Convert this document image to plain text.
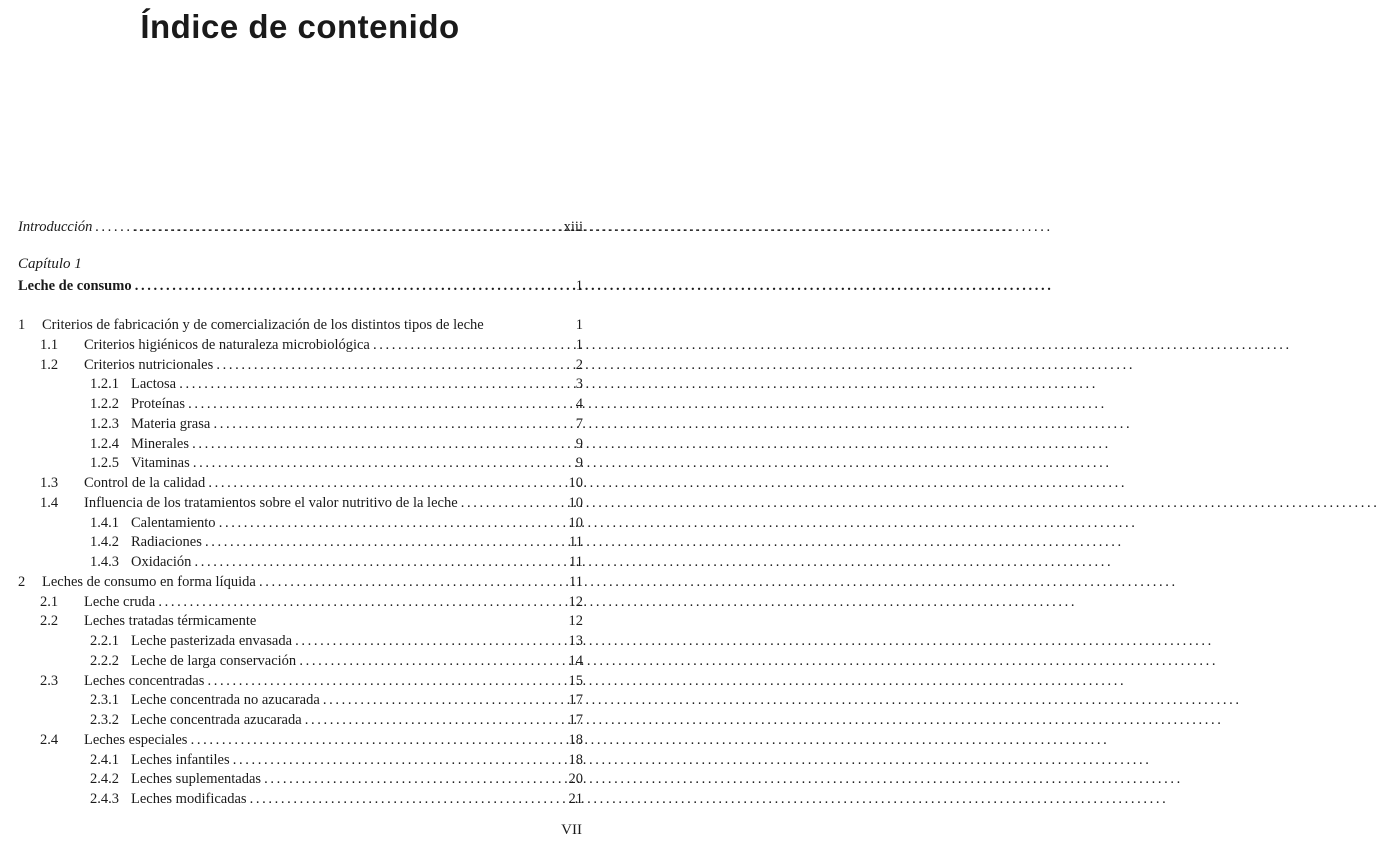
Índice de contenido
Introducción . . . . . .	xiii
Capítulo 1
Leche de consumo . . .	1
1 Criterios de fabricación y de comercialización de los distintos tipos de leche	1
1.1 Criterios higiénicos de naturaleza microbiológica . . .	1
1.2 Criterios nutricionales . . .	2
1.2.1 Lactosa . . .	3
1.2.2 Proteínas . . .	4
1.2.3 Materia grasa . . .	7
1.2.4 Minerales . . .	9
1.2.5 Vitaminas . . .	9
1.3 Control de la calidad . . .	10
1.4 Influencia de los tratamientos sobre el valor nutritivo de la leche . . .	10
1.4.1 Calentamiento . . .	10
1.4.2 Radiaciones . . .	11
1.4.3 Oxidación . . .	11
2 Leches de consumo en forma líquida . . .	11
2.1 Leche cruda . . .	12
2.2 Leches tratadas térmicamente	12
2.2.1 Leche pasterizada envasada . . .	13
2.2.2 Leche de larga conservación . . .	14
2.3 Leches concentradas . . .	15
2.3.1 Leche concentrada no azucarada . . .	17
2.3.2 Leche concentrada azucarada . . .	17
2.4 Leches especiales . . .	18
2.4.1 Leches infantiles . . .	18
2.4.2 Leches suplementadas . . .	20
2.4.3 Leches modificadas . . .	21
VII
